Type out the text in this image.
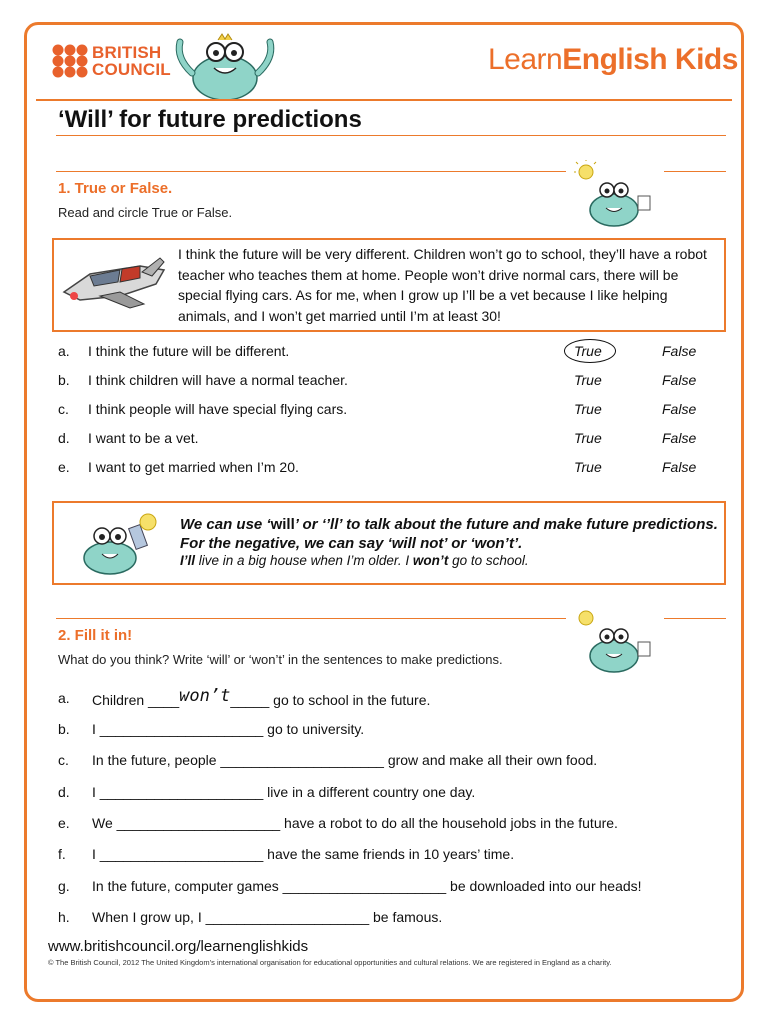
BRITISH
COUNCIL	LearnEnglish Kids
‘Will’ for future predictions
1. True or False.
Read and circle True or False.
I think the future will be very different. Children won’t go to school, they’ll have a robot teacher who teaches them at home. People won’t drive normal cars, there will be special flying cars. As for me, when I grow up I’ll be a vet because I like helping animals, and I won’t get married until I’m at least 30!
a. I think the future will be different.	True	False
b. I think children will have a normal teacher.	True	False
c. I think people will have special flying cars.	True	False
d. I want to be a vet.	True	False
e. I want to get married when I’m 20.	True	False
We can use ‘will’ or ‘’ll’ to talk about the future and make future predictions. For the negative, we can say ‘will not’ or ‘won’t’.
I’ll live in a big house when I’m older. I won’t go to school.
2. Fill it in!
What do you think? Write ‘will’ or ‘won’t’ in the sentences to make predictions.
a. Children ____won’t_____ go to school in the future.
b. I _____________________ go to university.
c. In the future, people _____________________ grow and make all their own food.
d. I _____________________ live in a different country one day.
e. We _____________________ have a robot to do all the household jobs in the future.
f. I _____________________ have the same friends in 10 years’ time.
g. In the future, computer games _____________________ be downloaded into our heads!
h. When I grow up, I _____________________ be famous.
www.britishcouncil.org/learnenglishkids
© The British Council, 2012 The United Kingdom’s international organisation for educational opportunities and cultural relations. We are registered in England as a charity.
